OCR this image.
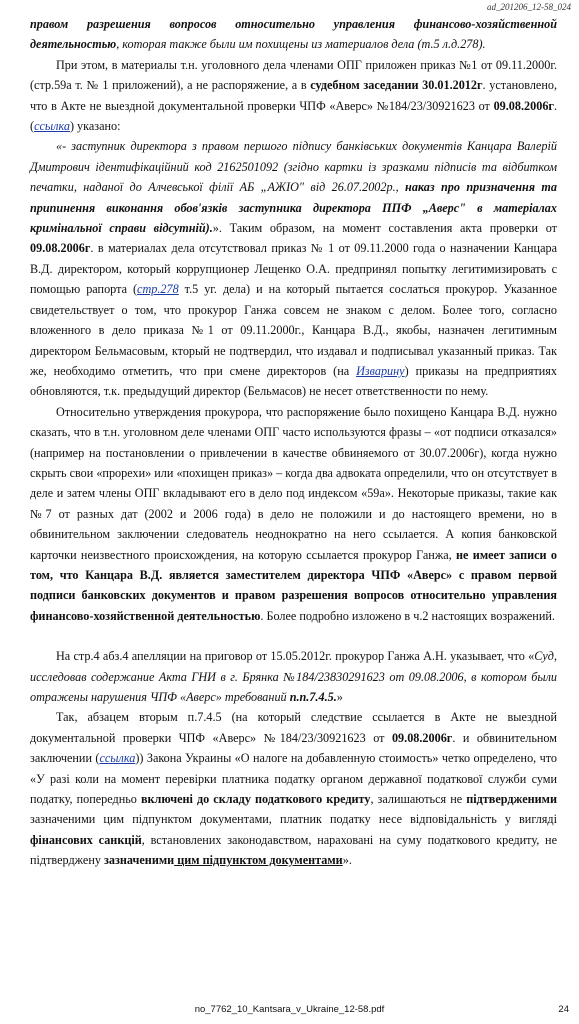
ad_201206_12-58_024

правом разрешения вопросов относительно управления финансово-хозяйственной деятельностью, которая также были им похищены из материалов дела (т.5 л.д.278).

При этом, в материалы т.н. уголовного дела членами ОПГ приложен приказ №1 от 09.11.2000г. (стр.59а т. № 1 приложений), а не распоряжение, а в судебном заседании 30.01.2012г. установлено, что в Акте не выездной документальной проверки ЧПФ «Аверс» №184/23/30921623 от 09.08.2006г. (ссылка) указано:

«- заступник директора з правом першого підпису банківських документів Канцара Валерій Дмитрович ідентифікаційний код 2162501092 (згідно картки із зразками підписів та відбитком печатки, наданої до Алчевської філії АБ „АЖІО" від 26.07.2002р., наказ про призначення та припинення виконання обов'язків заступника директора ППФ „Аверс" в матеріалах кримінальної справи відсутній).». Таким образом, на момент составления акта проверки от 09.08.2006г. в материалах дела отсутствовал приказ № 1 от 09.11.2000 года о назначении Канцара В.Д. директором, который коррупционер Лещенко О.А. предпринял попытку легитимизировать с помощью рапорта (стр.278 т.5 уг. дела) и на который пытается сослаться прокурор. Указанное свидетельствует о том, что прокурор Ганжа совсем не знаком с делом. Более того, согласно вложенного в дело приказа №1 от 09.11.2000г., Канцара В.Д., якобы, назначен легитимным директором Бельмасовым, кторый не подтвердил, что издавал и подписывал указанный приказ. Так же, необходимо отметить, что при смене директоров (на Изварину) приказы на предприятиях обновляются, т.к. предыдущий директор (Бельмасов) не несет ответственности по нему.

Относительно утверждения прокурора, что распоряжение было похищено Канцара В.Д. нужно сказать, что в т.н. уголовном деле членами ОПГ часто используются фразы – «от подписи отказался» (например на постановлении о привлечении в качестве обвиняемого от 30.07.2006г), когда нужно скрыть свои «прорехи» или «похищен приказ» – когда два адвоката определили, что он отсутствует в деле и затем члены ОПГ вкладывают его в дело под индексом «59а». Некоторые приказы, такие как №7 от разных дат (2002 и 2006 года) в дело не положили и до настоящего времени, но в обвинительном заключении следователь неоднократно на него ссылается. А копия банковской карточки неизвестного происхождения, на которую ссылается прокурор Ганжа, не имеет записи о том, что Канцара В.Д. является заместителем директора ЧПФ «Аверс» с правом первой подписи банковских документов и правом разрешения вопросов относительно управления финансово-хозяйственной деятельностью. Более подробно изложено в ч.2 настоящих возражений.

На стр.4 абз.4 апелляции на приговор от 15.05.2012г. прокурор Ганжа А.Н. указывает, что «Суд, исследовав содержание Акта ГНИ в г. Брянка №184/23830291623 от 09.08.2006, в котором были отражены нарушения ЧПФ «Аверс» требований п.п.7.4.5.»

Так, абзацем вторым п.7.4.5 (на который следствие ссылается в Акте не выездной документальной проверки ЧПФ «Аверс» №184/23/30921623 от 09.08.2006г. и обвинительном заключении (ссылка)) Закона Украины «О налоге на добавленную стоимость» четко определено, что «У разі коли на момент перевірки платника податку органом державної податкової служби суми податку, попередньо включені до складу податкового кредиту, залишаються не підтвердженими зазначеними цим підпунктом документами, платник податку несе відповідальність у вигляді фінансових санкцій, встановлених законодавством, нараховані на суму податкового кредиту, не підтверджену зазначеними цим підпунктом документами».

no_7762_10_Kantsara_v_Ukraine_12-58.pdf	24
